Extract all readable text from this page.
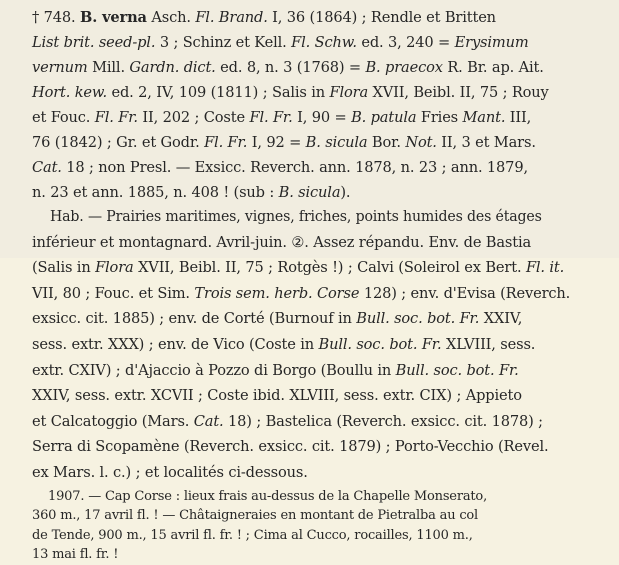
† 748. B. verna Asch. Fl. Brand. I, 36 (1864) ; Rendle et Britten
List brit. seed-pl. 3 ; Schinz et Kell. Fl. Schw. ed. 3, 240 = Erysimum
vernum Mill. Gardn. dict. ed. 8, n. 3 (1768) = B. praecox R. Br. ap. Ait.
Hort. kew. ed. 2, IV, 109 (1811) ; Salis in Flora XVII, Beibl. II, 75 ; Rouy
et Fouc. Fl. Fr. II, 202 ; Coste Fl. Fr. I, 90 = B. patula Fries Mant. III,
76 (1842) ; Gr. et Godr. Fl. Fr. I, 92 = B. sicula Bor. Not. II, 3 et Mars.
Cat. 18 ; non Presl. — Exsicc. Reverch. ann. 1878, n. 23 ; ann. 1879,
n. 23 et ann. 1885, n. 408 ! (sub : B. sicula).
Hab. — Prairies maritimes, vignes, friches, points humides des étages
inférieur et montagnard. Avril-juin. ②. Assez répandu. Env. de Bastia
(Salis in Flora XVII, Beibl. II, 75 ; Rotgès !) ; Calvi (Soleirol ex Bert. Fl. it.
VII, 80 ; Fouc. et Sim. Trois sem. herb. Corse 128) ; env. d'Evisa (Reverch.
exsicc. cit. 1885) ; env. de Corté (Burnouf in Bull. soc. bot. Fr. XXIV,
sess. extr. XXX) ; env. de Vico (Coste in Bull. soc. bot. Fr. XLVIII, sess.
extr. CXIV) ; d'Ajaccio à Pozzo di Borgo (Boullu in Bull. soc. bot. Fr.
XXIV, sess. extr. XCVII ; Coste ibid. XLVIII, sess. extr. CIX) ; Appieto
et Calcatoggio (Mars. Cat. 18) ; Bastelica (Reverch. exsicc. cit. 1878) ;
Serra di Scopamène (Reverch. exsicc. cit. 1879) ; Porto-Vecchio (Revel.
ex Mars. l. c.) ; et localités ci-dessous.
1907. — Cap Corse : lieux frais au-dessus de la Chapelle Monserato,
360 m., 17 avril fl. ! — Châtaigneraies en montant de Pietralba au col
de Tende, 900 m., 15 avril fl. fr. ! ; Cima al Cucco, rocailles, 1100 m.,
13 mai fl. fr. !
